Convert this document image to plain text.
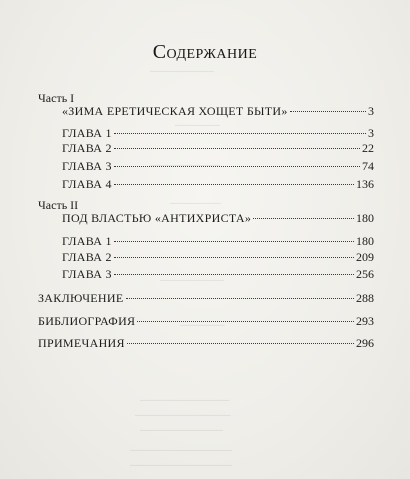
──────────
───────
───────────
────────
──────────
───────
──────────────
───────────────
─────────────
────────────────
────────────────
Содержание
Часть I
«ЗИМА ЕРЕТИЧЕСКАЯ ХОЩЕТ БЫТИ»	3
ГЛАВА 1	3
ГЛАВА 2	22
ГЛАВА 3	74
ГЛАВА 4	136
Часть II
ПОД ВЛАСТЬЮ «АНТИХРИСТА»	180
ГЛАВА 1	180
ГЛАВА 2	209
ГЛАВА 3	256
ЗАКЛЮЧЕНИЕ	288
БИБЛИОГРАФИЯ	293
ПРИМЕЧАНИЯ	296
